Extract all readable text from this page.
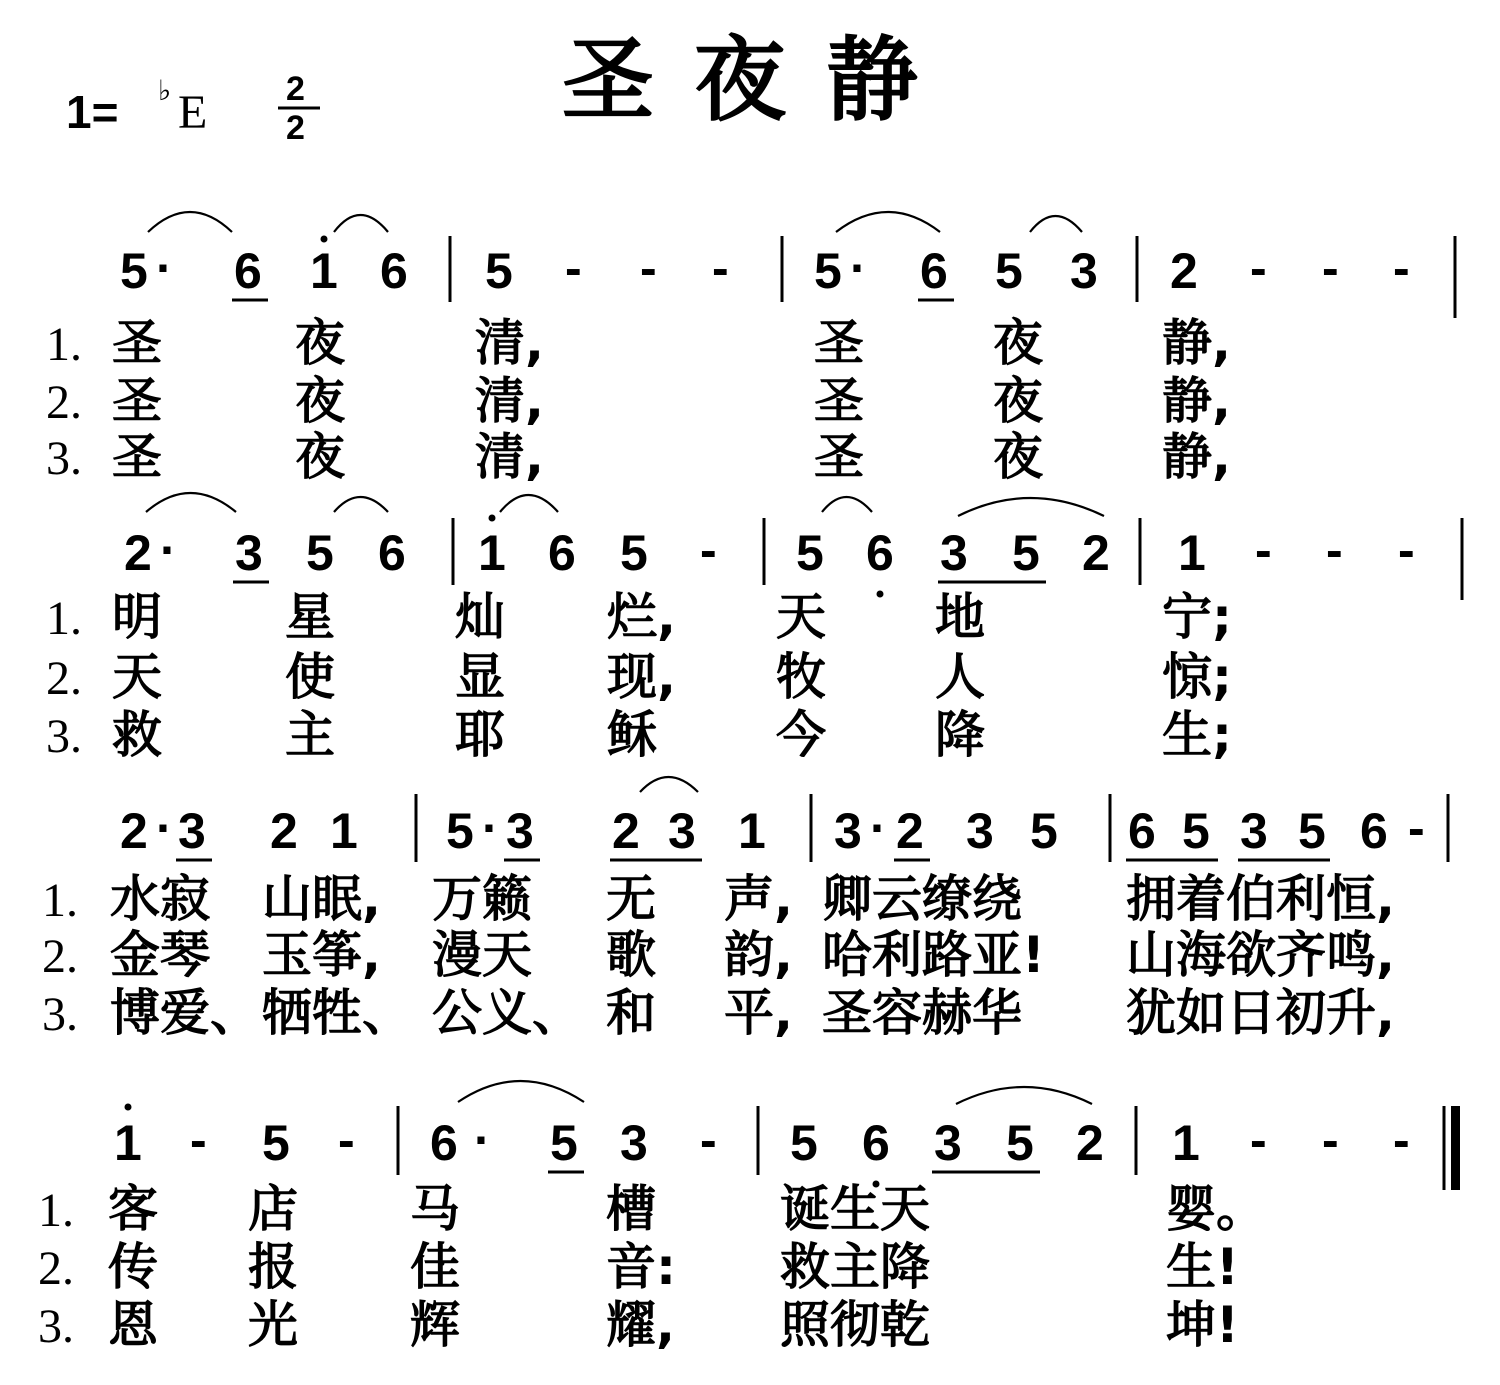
1= ♭ E 2
2	圣夜静
5 · 6 1 6 5 - - - 5 · 6 5 3 2 - - -
1.
2.
3.
圣	夜	清,	圣	夜 静,
圣	夜	清,	圣	夜 静,
圣	夜	清,	圣	夜 静,
2 · 3 5 6 1 6 5 - 5 6 3 5 2 1 - - -
1.
2.
3.
明 星 灿 烂, 天 地	宁;
天 使 显 现, 牧 人	惊;
救 主 耶 稣 今 降	生;
2 · 3 2 1 5 · 3 2 3 1 3 · 2 3 5 6 5 3 5 6 -
1.
2.
3.
水寂 山眠, 万籁 无 声, 卿云缭绕 拥着伯利恒,
金琴 玉筝, 漫天 歌 韵, 哈利路亚! 山海欲齐鸣,
博爱、 牺牲、 公义、 和 平, 圣容赫华 犹如日初升,
1 - 5 - 6 · 5 3 - 5 6 3 5 2 1 - - -
1.
2.
3.
客 店 马	槽 诞生天	婴。
传 报 佳	音: 救主降	生!
恩 光 辉	耀, 照彻乾	坤!
